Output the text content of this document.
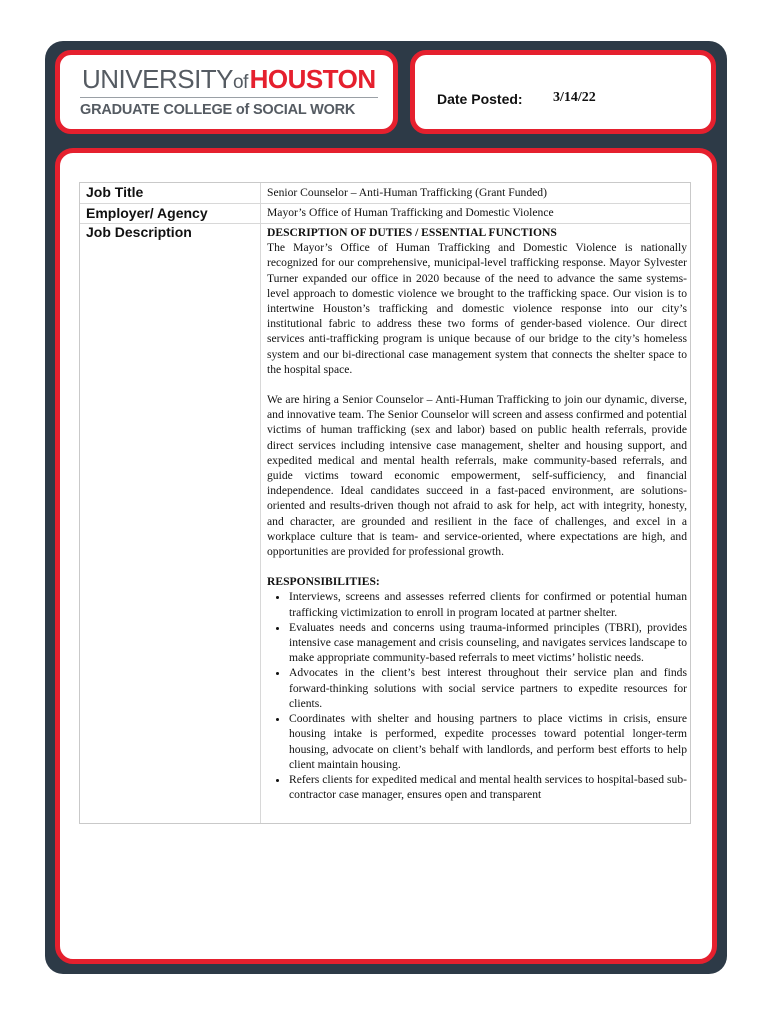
UNIVERSITYof HOUSTON
GRADUATE COLLEGE of SOCIAL WORK
Date Posted: 3/14/22
Job Title	Senior Counselor – Anti-Human Trafficking (Grant Funded)
Employer/ Agency	Mayor’s Office of Human Trafficking and Domestic Violence
Job Description	DESCRIPTION OF DUTIES / ESSENTIAL FUNCTIONS

The Mayor’s Office of Human Trafficking and Domestic Violence is nationally recognized for our comprehensive, municipal-level trafficking response. Mayor Sylvester Turner expanded our office in 2020 because of the need to advance the same systems-level approach to domestic violence we brought to the trafficking space. Our vision is to intertwine Houston’s trafficking and domestic violence response into our city’s institutional fabric to address these two forms of gender-based violence. Our direct services anti-trafficking program is unique because of our bridge to the city’s homeless system and our bi-directional case management system that connects the shelter space to the hospital space.

We are hiring a Senior Counselor – Anti-Human Trafficking to join our dynamic, diverse, and innovative team. The Senior Counselor will screen and assess confirmed and potential victims of human trafficking (sex and labor) based on public health referrals, provide direct services including intensive case management, shelter and housing support, and expedited medical and mental health referrals, make community-based referrals, and guide victims toward economic empowerment, self-sufficiency, and financial independence. Ideal candidates succeed in a fast-paced environment, are solutions-oriented and results-driven though not afraid to ask for help, act with integrity, honesty, and character, are grounded and resilient in the face of challenges, and excel in a workplace culture that is team- and service-oriented, where expectations are high, and opportunities are provided for professional growth.

RESPONSIBILITIES:
• Interviews, screens and assesses referred clients for confirmed or potential human trafficking victimization to enroll in program located at partner shelter.
• Evaluates needs and concerns using trauma-informed principles (TBRI), provides intensive case management and crisis counseling, and navigates services landscape to make appropriate community-based referrals to meet victims’ holistic needs.
• Advocates in the client’s best interest throughout their service plan and finds forward-thinking solutions with social service partners to expedite resources for clients.
• Coordinates with shelter and housing partners to place victims in crisis, ensure housing intake is performed, expedite processes toward potential longer-term housing, advocate on client’s behalf with landlords, and perform best efforts to help client maintain housing.
• Refers clients for expedited medical and mental health services to hospital-based sub-contractor case manager, ensures open and transparent
